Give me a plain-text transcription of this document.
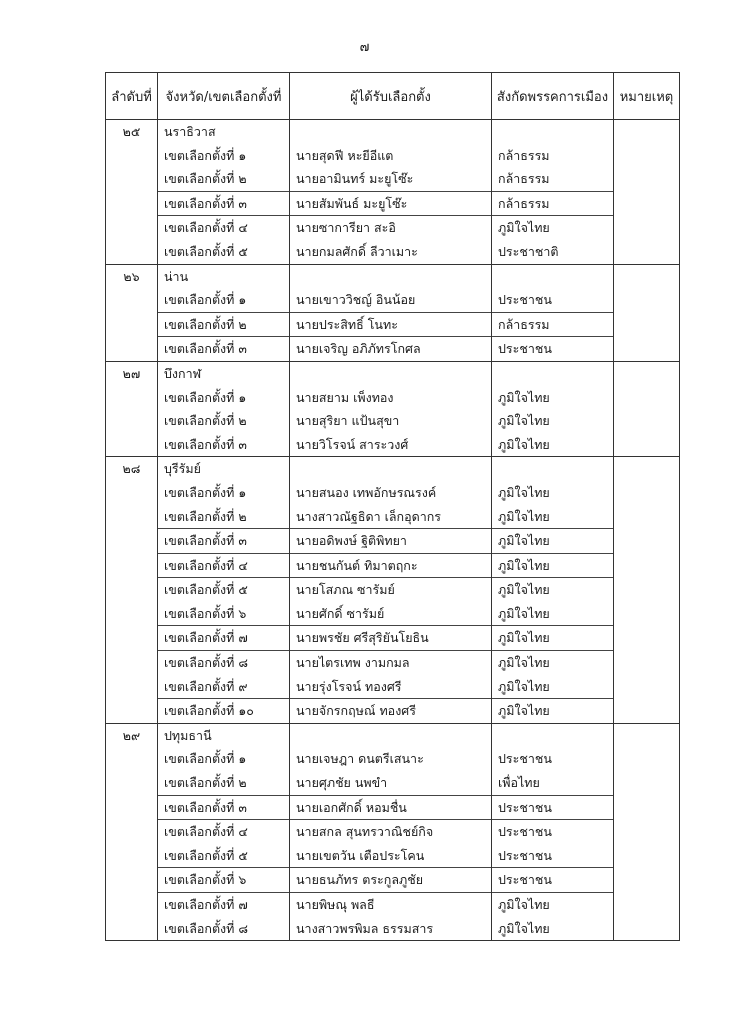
๗
ลำดับที่	จังหวัด/เขตเลือกตั้งที่	ผู้ได้รับเลือกตั้ง	สังกัดพรรคการเมือง	หมายเหตุ
๒๕	นราธิวาส			
	เขตเลือกตั้งที่ ๑	นายสุดฟี หะยีอีแต	กล้าธรรม	
	เขตเลือกตั้งที่ ๒	นายอามินทร์ มะยูโซ๊ะ	กล้าธรรม	
	เขตเลือกตั้งที่ ๓	นายสัมพันธ์ มะยูโซ๊ะ	กล้าธรรม	
	เขตเลือกตั้งที่ ๔	นายซาการียา สะอิ	ภูมิใจไทย	
	เขตเลือกตั้งที่ ๕	นายกมลศักดิ์ ลีวาเมาะ	ประชาชาติ	
๒๖	น่าน			
	เขตเลือกตั้งที่ ๑	นายเขาววิชญ์ อินน้อย	ประชาชน	
	เขตเลือกตั้งที่ ๒	นายประสิทธิ์ โนทะ	กล้าธรรม	
	เขตเลือกตั้งที่ ๓	นายเจริญ อภิภัทรโกศล	ประชาชน	
๒๗	บึงกาฬ			
	เขตเลือกตั้งที่ ๑	นายสยาม เพ็งทอง	ภูมิใจไทย	
	เขตเลือกตั้งที่ ๒	นายสุริยา แป้นสุขา	ภูมิใจไทย	
	เขตเลือกตั้งที่ ๓	นายวิโรจน์ สาระวงศ์	ภูมิใจไทย	
๒๘	บุรีรัมย์			
	เขตเลือกตั้งที่ ๑	นายสนอง เทพอักษรณรงค์	ภูมิใจไทย	
	เขตเลือกตั้งที่ ๒	นางสาวณัฐธิดา เล็กอุดากร	ภูมิใจไทย	
	เขตเลือกตั้งที่ ๓	นายอดิพงษ์ ฐิติพิทยา	ภูมิใจไทย	
	เขตเลือกตั้งที่ ๔	นายชนกันต์ ทิมาตฤกะ	ภูมิใจไทย	
	เขตเลือกตั้งที่ ๕	นายโสภณ ซารัมย์	ภูมิใจไทย	
	เขตเลือกตั้งที่ ๖	นายศักดิ์ ซารัมย์	ภูมิใจไทย	
	เขตเลือกตั้งที่ ๗	นายพรชัย ศรีสุริยันโยธิน	ภูมิใจไทย	
	เขตเลือกตั้งที่ ๘	นายไตรเทพ งามกมล	ภูมิใจไทย	
	เขตเลือกตั้งที่ ๙	นายรุ่งโรจน์ ทองศรี	ภูมิใจไทย	
	เขตเลือกตั้งที่ ๑๐	นายจักรกฤษณ์ ทองศรี	ภูมิใจไทย	
๒๙	ปทุมธานี			
	เขตเลือกตั้งที่ ๑	นายเจษฎา ดนตรีเสนาะ	ประชาชน	
	เขตเลือกตั้งที่ ๒	นายศุภชัย นพขำ	เพื่อไทย	
	เขตเลือกตั้งที่ ๓	นายเอกศักดิ์ หอมชื่น	ประชาชน	
	เขตเลือกตั้งที่ ๔	นายสกล สุนทรวาณิชย์กิจ	ประชาชน	
	เขตเลือกตั้งที่ ๕	นายเขตวัน เตือประโคน	ประชาชน	
	เขตเลือกตั้งที่ ๖	นายธนภัทร ตระกูลภูชัย	ประชาชน	
	เขตเลือกตั้งที่ ๗	นายพิษณุ พลธี	ภูมิใจไทย	
	เขตเลือกตั้งที่ ๘	นางสาวพรพิมล ธรรมสาร	ภูมิใจไทย	
